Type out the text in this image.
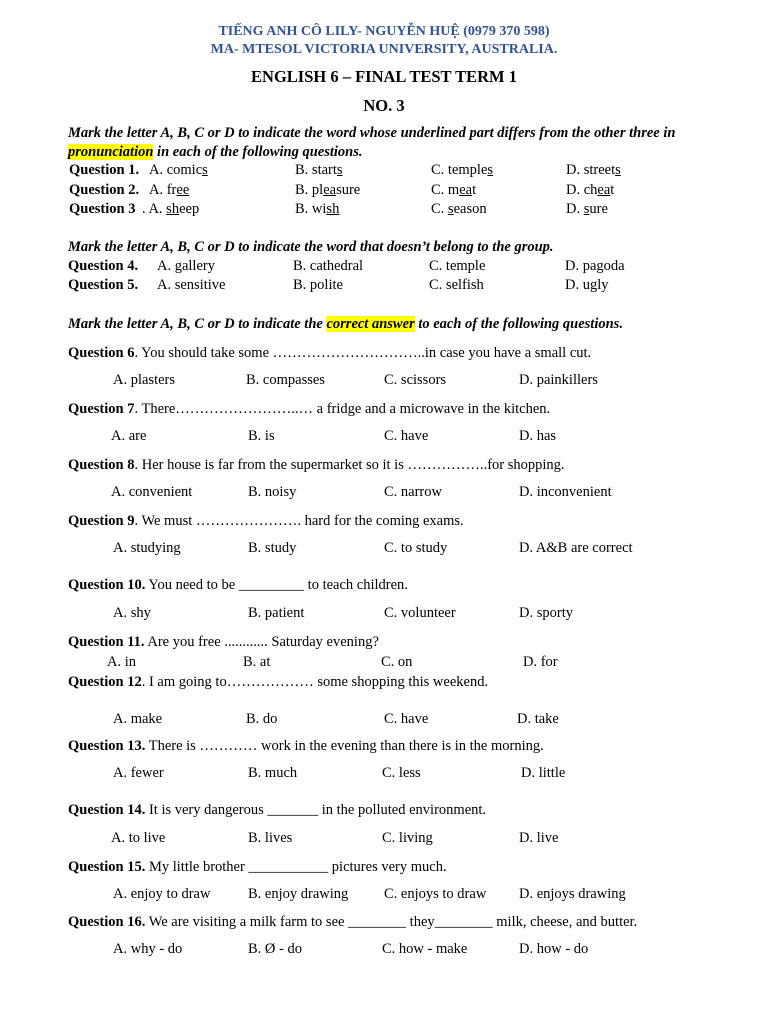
TIẾNG ANH CÔ LILY- NGUYỄN HUỆ (0979 370 598)
MA- MTESOL VICTORIA UNIVERSITY, AUSTRALIA.
ENGLISH 6 – FINAL TEST TERM 1
NO. 3
Mark the letter A, B, C or D to indicate the word whose underlined part differs from the other three in
pronunciation in each of the following questions.
Question 1. A. comics	B. starts	C. temples	D. streets
Question 2. A. free	B. pleasure	C. meat	D. cheat
Question 3 . A. sheep	B. wish	C. season	D. sure
Mark the letter A, B, C or D to indicate the word that doesn’t belong to the group.
Question 4. A. gallery	B. cathedral	C. temple	D. pagoda
Question 5. A. sensitive	B. polite	C. selfish	D. ugly
Mark the letter A, B, C or D to indicate the correct answer to each of the following questions.
Question 6. You should take some …………………………..in case you have a small cut.
A. plasters	B. compasses	C. scissors	D. painkillers
Question 7. There……………………..… a fridge and a microwave in the kitchen.
A. are	B. is	C. have	D. has
Question 8. Her house is far from the supermarket so it is ……………..for shopping.
A. convenient	B. noisy	C. narrow	D. inconvenient
Question 9. We must …………………. hard for the coming exams.
A. studying	B. study	C. to study	D. A&B are correct
Question 10. You need to be _________ to teach children.
A. shy	B. patient	C. volunteer	D. sporty
Question 11. Are you free ............ Saturday evening?
A. in	B. at	C. on	D. for
Question 12. I am going to……………… some shopping this weekend.
A. make	B. do	C. have	D. take
Question 13. There is ………… work in the evening than there is in the morning.
A. fewer	B. much	C. less	D. little
Question 14. It is very dangerous _______ in the polluted environment.
A. to live	B. lives	C. living	D. live
Question 15. My little brother ___________ pictures very much.
A. enjoy to draw	B. enjoy drawing C. enjoys to draw D. enjoys drawing
Question 16. We are visiting a milk farm to see ________ they________ milk, cheese, and butter.
A. why - do	B. Ø - do	C. how - make	D. how - do
